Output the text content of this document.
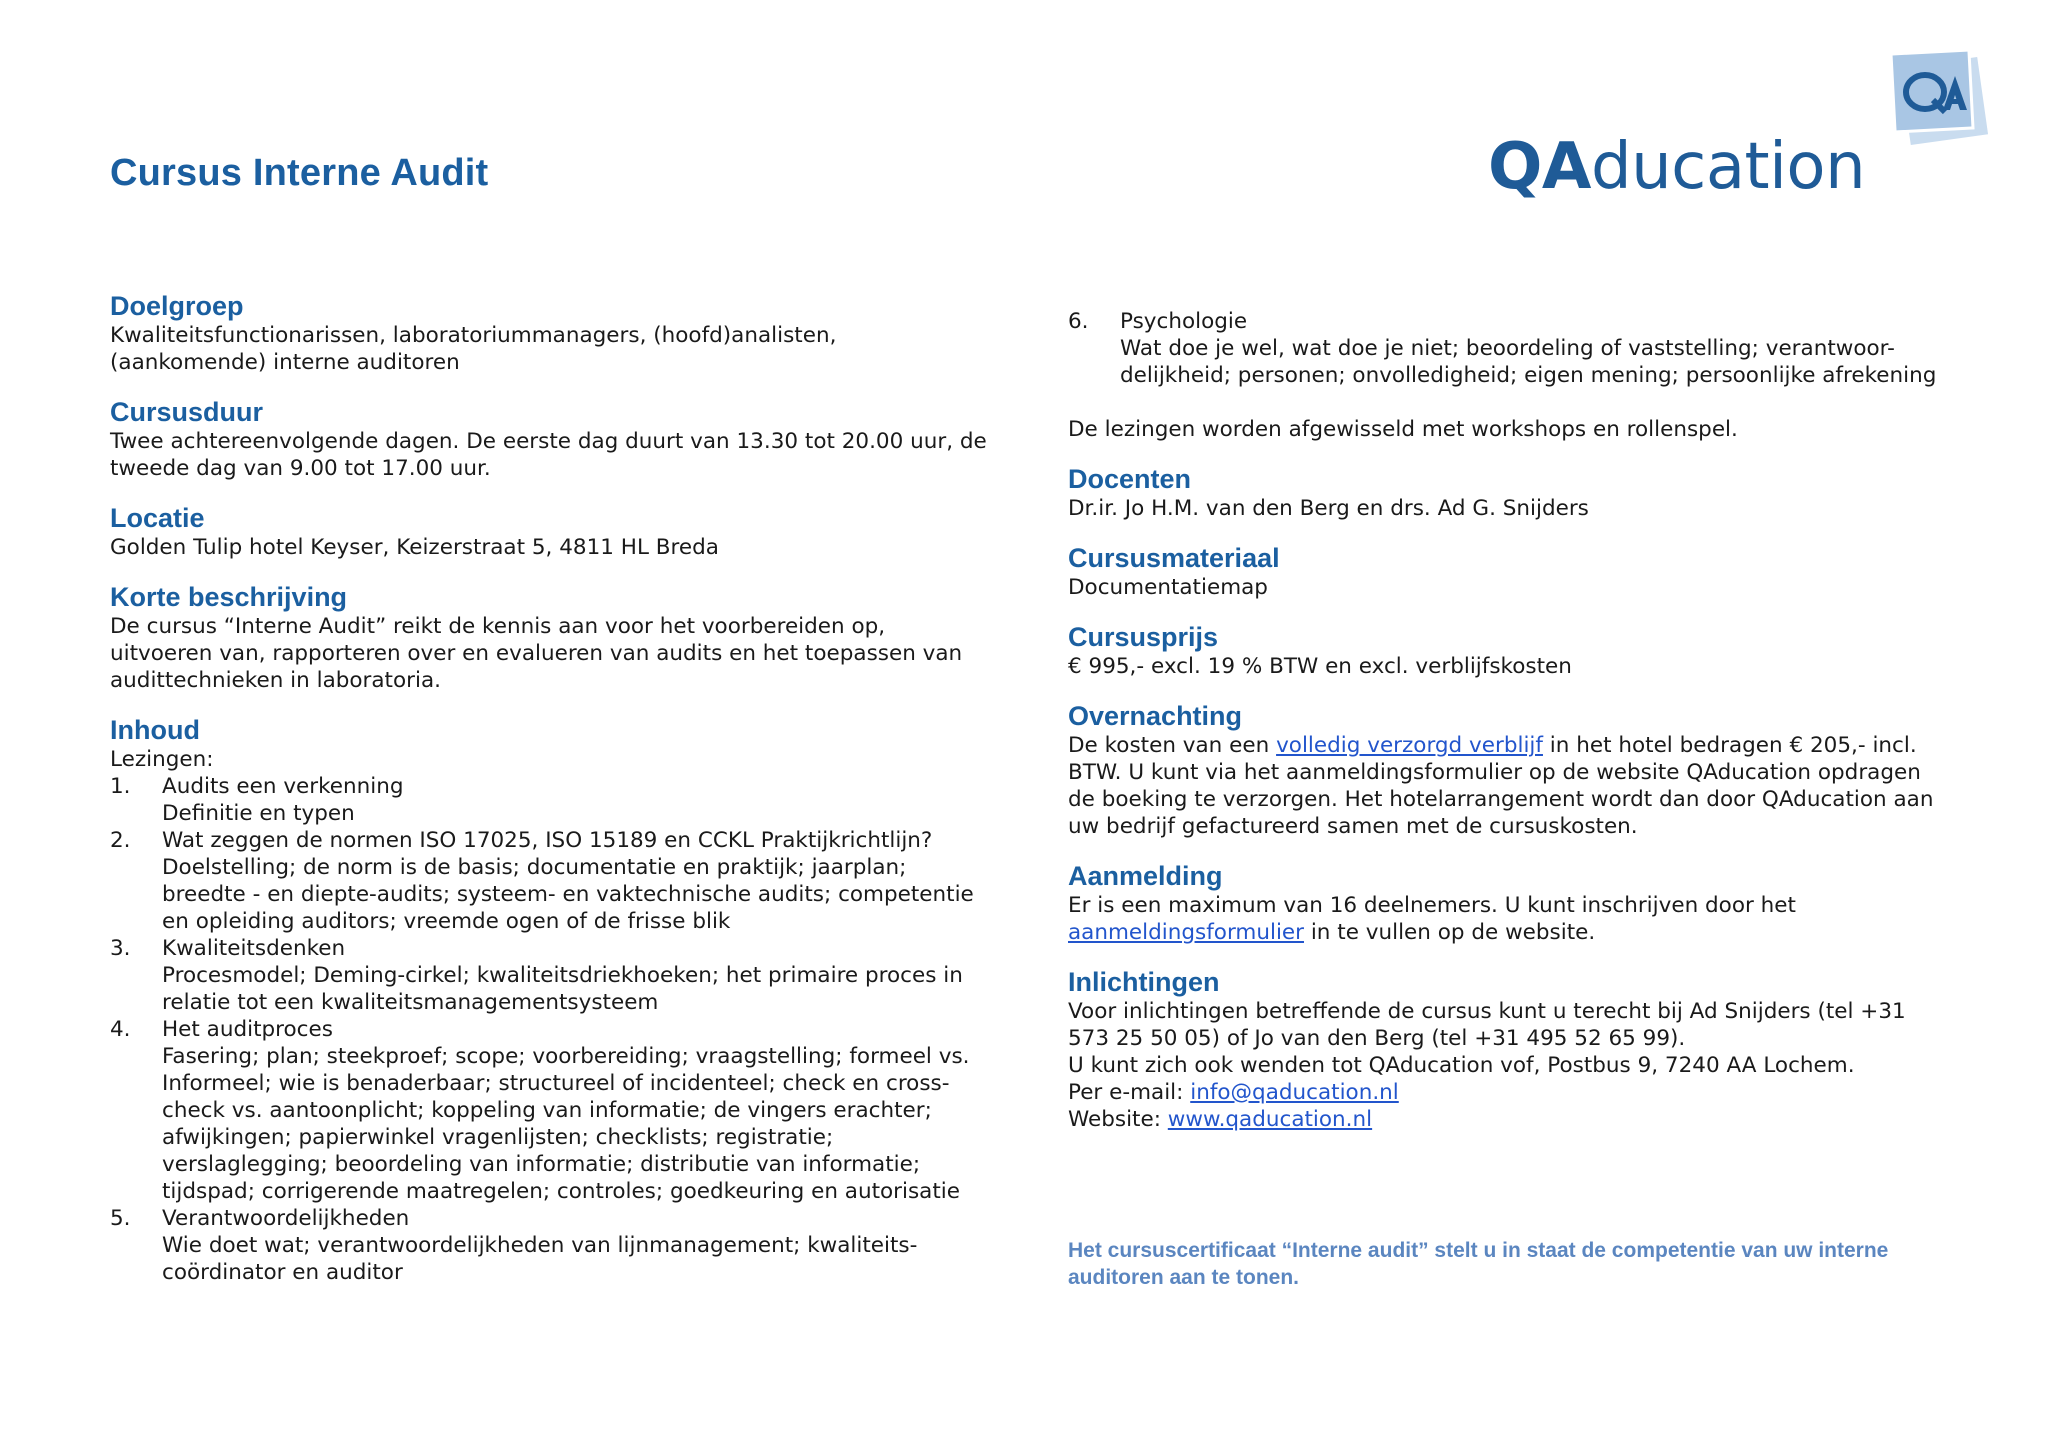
Cursus Interne Audit	QAducation
Doelgroep

Kwaliteitsfunctionarissen, laboratoriummanagers, (hoofd)analisten, (aankomende) interne auditoren

Cursusduur

Twee achtereenvolgende dagen. De eerste dag duurt van 13.30 tot 20.00 uur, de tweede dag van 9.00 tot 17.00 uur.

Locatie

Golden Tulip hotel Keyser, Keizerstraat 5, 4811 HL Breda

Korte beschrijving

De cursus “Interne Audit” reikt de kennis aan voor het voorbereiden op, uitvoeren van, rapporteren over en evalueren van audits en het toepassen van audittechnieken in laboratoria.

Inhoud

Lezingen:

1. Audits een verkenning
Definitie en typen
2. Wat zeggen de normen ISO 17025, ISO 15189 en CCKL Praktijkrichtlijn?
Doelstelling; de norm is de basis; documentatie en praktijk; jaarplan; breedte - en diepte-audits; systeem- en vaktechnische audits; competentie en opleiding auditors; vreemde ogen of de frisse blik
3. Kwaliteitsdenken
Procesmodel; Deming-cirkel; kwaliteitsdriekhoeken; het primaire proces in relatie tot een kwaliteitsmanagementsysteem
4. Het auditproces
Fasering; plan; steekproef; scope; voorbereiding; vraagstelling; formeel vs. Informeel; wie is benaderbaar; structureel of incidenteel; check en cross-check vs. aantoonplicht; koppeling van informatie; de vingers erachter; afwijkingen; papierwinkel vragenlijsten; checklists; registratie; verslaglegging; beoordeling van informatie; distributie van informatie; tijdspad; corrigerende maatregelen; controles; goedkeuring en autorisatie
5. Verantwoordelijkheden
Wie doet wat; verantwoordelijkheden van lijnmanagement; kwaliteits-coördinator en auditor
6. Psychologie
Wat doe je wel, wat doe je niet; beoordeling of vaststelling; verantwoor-delijkheid; personen; onvolledigheid; eigen mening; persoonlijke afrekening

De lezingen worden afgewisseld met workshops en rollenspel.

Docenten

Dr.ir. Jo H.M. van den Berg en drs. Ad G. Snijders

Cursusmateriaal

Documentatiemap

Cursusprijs

€ 995,- excl. 19 % BTW en excl. verblijfskosten

Overnachting

De kosten van een volledig verzorgd verblijf in het hotel bedragen € 205,- incl. BTW. U kunt via het aanmeldingsformulier op de website QAducation opdragen de boeking te verzorgen. Het hotelarrangement wordt dan door QAducation aan uw bedrijf gefactureerd samen met de cursuskosten.

Aanmelding

Er is een maximum van 16 deelnemers. U kunt inschrijven door het aanmeldingsformulier in te vullen op de website.

Inlichtingen

Voor inlichtingen betreffende de cursus kunt u terecht bij Ad Snijders (tel +31 573 25 50 05) of Jo van den Berg (tel +31 495 52 65 99).

U kunt zich ook wenden tot QAducation vof, Postbus 9, 7240 AA Lochem.

Per e-mail: info@qaducation.nl

Website: www.qaducation.nl

Het cursuscertificaat “Interne audit” stelt u in staat de competentie van uw interne auditoren aan te tonen.
